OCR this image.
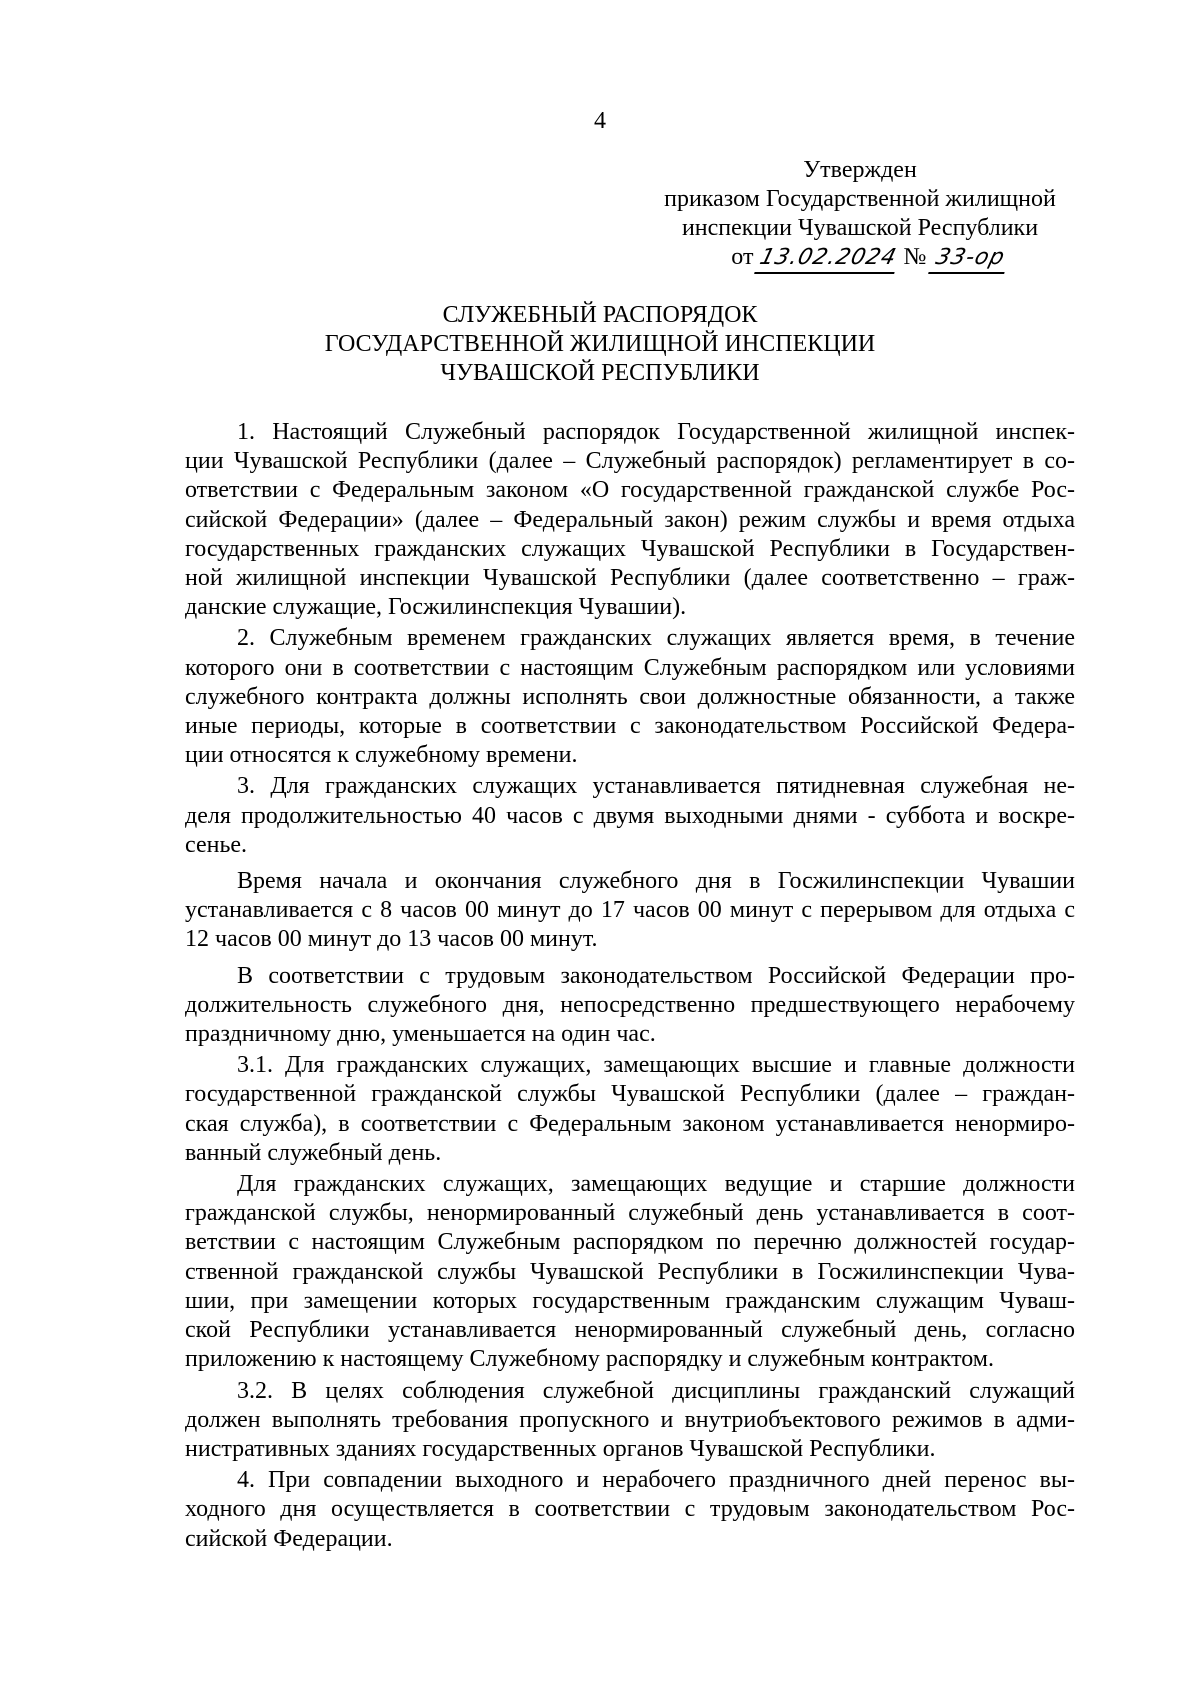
4
Утвержден
приказом Государственной жилищной
инспекции Чувашской Республики
от 13.02.2024 № 33-ор
СЛУЖЕБНЫЙ РАСПОРЯДОК
ГОСУДАРСТВЕННОЙ ЖИЛИЩНОЙ ИНСПЕКЦИИ
ЧУВАШСКОЙ РЕСПУБЛИКИ
1. Настоящий Служебный распорядок Государственной жилищной инспек-
ции Чувашской Республики (далее – Служебный распорядок) регламентирует в со-
ответствии с Федеральным законом «О государственной гражданской службе Рос-
сийской Федерации» (далее – Федеральный закон) режим службы и время отдыха
государственных гражданских служащих Чувашской Республики в Государствен-
ной жилищной инспекции Чувашской Республики (далее соответственно – граж-
данские служащие, Госжилинспекция Чувашии).
2. Служебным временем гражданских служащих является время, в течение
которого они в соответствии с настоящим Служебным распорядком или условиями
служебного контракта должны исполнять свои должностные обязанности, а также
иные периоды, которые в соответствии с законодательством Российской Федера-
ции относятся к служебному времени.
3. Для гражданских служащих устанавливается пятидневная служебная не-
деля продолжительностью 40 часов с двумя выходными днями - суббота и воскре-
сенье.
Время начала и окончания служебного дня в Госжилинспекции Чувашии
устанавливается с 8 часов 00 минут до 17 часов 00 минут с перерывом для отдыха с
12 часов 00 минут до 13 часов 00 минут.
В соответствии с трудовым законодательством Российской Федерации про-
должительность служебного дня, непосредственно предшествующего нерабочему
праздничному дню, уменьшается на один час.
3.1. Для гражданских служащих, замещающих высшие и главные должности
государственной гражданской службы Чувашской Республики (далее – граждан-
ская служба), в соответствии с Федеральным законом устанавливается ненормиро-
ванный служебный день.
Для гражданских служащих, замещающих ведущие и старшие должности
гражданской службы, ненормированный служебный день устанавливается в соот-
ветствии с настоящим Служебным распорядком по перечню должностей государ-
ственной гражданской службы Чувашской Республики в Госжилинспекции Чува-
шии, при замещении которых государственным гражданским служащим Чуваш-
ской Республики устанавливается ненормированный служебный день, согласно
приложению к настоящему Служебному распорядку и служебным контрактом.
3.2. В целях соблюдения служебной дисциплины гражданский служащий
должен выполнять требования пропускного и внутриобъектового режимов в адми-
нистративных зданиях государственных органов Чувашской Республики.
4. При совпадении выходного и нерабочего праздничного дней перенос вы-
ходного дня осуществляется в соответствии с трудовым законодательством Рос-
сийской Федерации.
